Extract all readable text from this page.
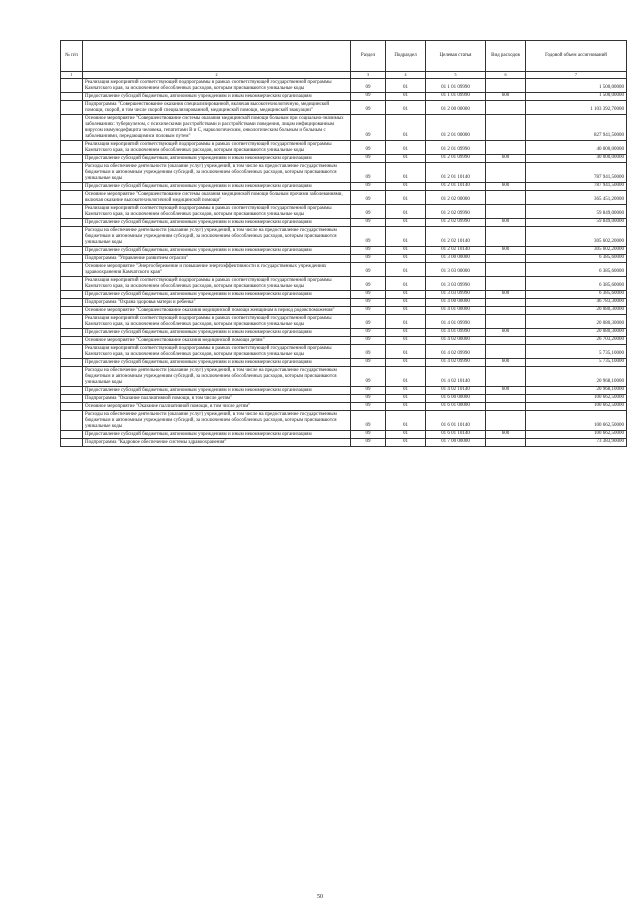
№ п/п		Раздел	Подраздел	Целевая статья	Вид расходов	Годовой объем ассигнований
1	2	3	4	5	6	7
	Реализация мероприятий соответствующей подпрограммы в рамках соответствующей государственной программы Камчатского края, за исключением обособленных расходов, которым присваиваются уникальные коды	09	01	01 1 01 09990		1 500,00000
	Предоставление субсидий бюджетным, автономным учреждениям и иным некоммерческим организациям	09	01	01 1 01 09990	600	1 500,00000
	Подпрограмма "Совершенствование оказания специализированной, включая высокотехнологичную, медицинской помощи, скорой, в том числе скорой специализированной, медицинской помощи, медицинской эвакуации"	09	01	01 2 00 00000		1 103 392,70000
	Основное мероприятие "Совершенствование системы оказания медицинской помощи больным при социально-значимых заболеваниях: туберкулезом, с психическими расстройствами и расстройствами поведения, лицам инфицированным вирусом иммунодефицита человека, гепатитами В и С, наркологическим, онкологическим больным и больным с заболеваниями, передающимися половым путем"	09	01	01 2 01 00000		827 941,50000
	Реализация мероприятий соответствующей подпрограммы в рамках соответствующей государственной программы Камчатского края, за исключением обособленных расходов, которым присваиваются уникальные коды	09	01	01 2 01 09990		40 000,00000
	Предоставление субсидий бюджетным, автономным учреждениям и иным некоммерческим организациям	09	01	01 2 01 09990	600	40 000,00000
	Расходы на обеспечение деятельности (оказание услуг) учреждений, в том числе на предоставление государственным бюджетным и автономным учреждениям субсидий, за исключением обособленных расходов, которым присваиваются уникальные коды	09	01	01 2 01 10140		787 941,50000
	Предоставление субсидий бюджетным, автономным учреждениям и иным некоммерческим организациям	09	01	01 2 01 10140	600	787 941,50000
	Основное мероприятие "Совершенствование системы оказания медицинской помощи больным прочими заболеваниями, включая оказание высокотехнологичной медицинской помощи"	09	01	01 2 02 00000		365 451,20000
	Реализация мероприятий соответствующей подпрограммы в рамках соответствующей государственной программы Камчатского края, за исключением обособленных расходов, которым присваиваются уникальные коды	09	01	01 2 02 09990		59 849,00000
	Предоставление субсидий бюджетным, автономным учреждениям и иным некоммерческим организациям	09	01	01 2 02 09990	600	59 849,00000
	Расходы на обеспечение деятельности (оказание услуг) учреждений, в том числе на предоставление государственным бюджетным и автономным учреждениям субсидий, за исключением обособленных расходов, которым присваиваются уникальные коды	09	01	01 2 02 10140		305 602,20000
	Предоставление субсидий бюджетным, автономным учреждениям и иным некоммерческим организациям	09	01	01 2 02 10140	600	305 602,20000
	Подпрограмма "Управление развитием отрасли"	09	01	01 3 00 00000		6 385,60000
	Основное мероприятие "Энергосбережение и повышение энергоэффективности в государственных учреждениях здравоохранения Камчатского края"	09	01	01 3 03 00000		6 385,60000
	Реализация мероприятий соответствующей подпрограммы в рамках соответствующей государственной программы Камчатского края, за исключением обособленных расходов, которым присваиваются уникальные коды	09	01	01 3 03 09990		6 385,60000
	Предоставление субсидий бюджетным, автономным учреждениям и иным некоммерческим организациям	09	01	01 3 03 09990	600	6 385,60000
	Подпрограмма "Охрана здоровья матери и ребенка"	09	01	01 4 00 00000		46 783,30000
	Основное мероприятие "Совершенствование оказания медицинской помощи женщинам в период родовспоможения"	09	01	01 4 01 00000		20 080,30000
	Реализация мероприятий соответствующей подпрограммы в рамках соответствующей государственной программы Камчатского края, за исключением обособленных расходов, которым присваиваются уникальные коды	09	01	01 4 01 09990		20 080,30000
	Предоставление субсидий бюджетным, автономным учреждениям и иным некоммерческим организациям	09	01	01 4 01 09990	600	20 080,30000
	Основное мероприятие "Совершенствование оказания медицинской помощи детям"	09	01	01 4 02 00000		26 703,20000
	Реализация мероприятий соответствующей подпрограммы в рамках соответствующей государственной программы Камчатского края, за исключением обособленных расходов, которым присваиваются уникальные коды	09	01	01 4 02 09990		5 735,10000
	Предоставление субсидий бюджетным, автономным учреждениям и иным некоммерческим организациям	09	01	01 4 02 09990	600	5 735,10000
	Расходы на обеспечение деятельности (оказание услуг) учреждений, в том числе на предоставление государственным бюджетным и автономным учреждениям субсидий, за исключением обособленных расходов, которым присваиваются уникальные коды	09	01	01 4 02 10140		20 968,10000
	Предоставление субсидий бюджетным, автономным учреждениям и иным некоммерческим организациям	09	01	01 4 02 10140	600	20 968,10000
	Подпрограмма "Оказание паллиативной помощи, в том числе детям"	09	01	01 6 00 00000		100 662,50000
	Основное мероприятие "Оказание паллиативной помощи, в том числе детям"	09	01	01 6 01 00000		100 662,50000
	Расходы на обеспечение деятельности (оказание услуг) учреждений, в том числе на предоставление государственным бюджетным и автономным учреждениям субсидий, за исключением обособленных расходов, которым присваиваются уникальные коды	09	01	01 6 01 10140		100 662,50000
	Предоставление субсидий бюджетным, автономным учреждениям и иным некоммерческим организациям	09	01	01 6 01 10140	600	100 662,50000
	Подпрограмма "Кадровое обеспечение системы здравоохранения"	09	01	01 7 00 00000		73 383,90000
50
